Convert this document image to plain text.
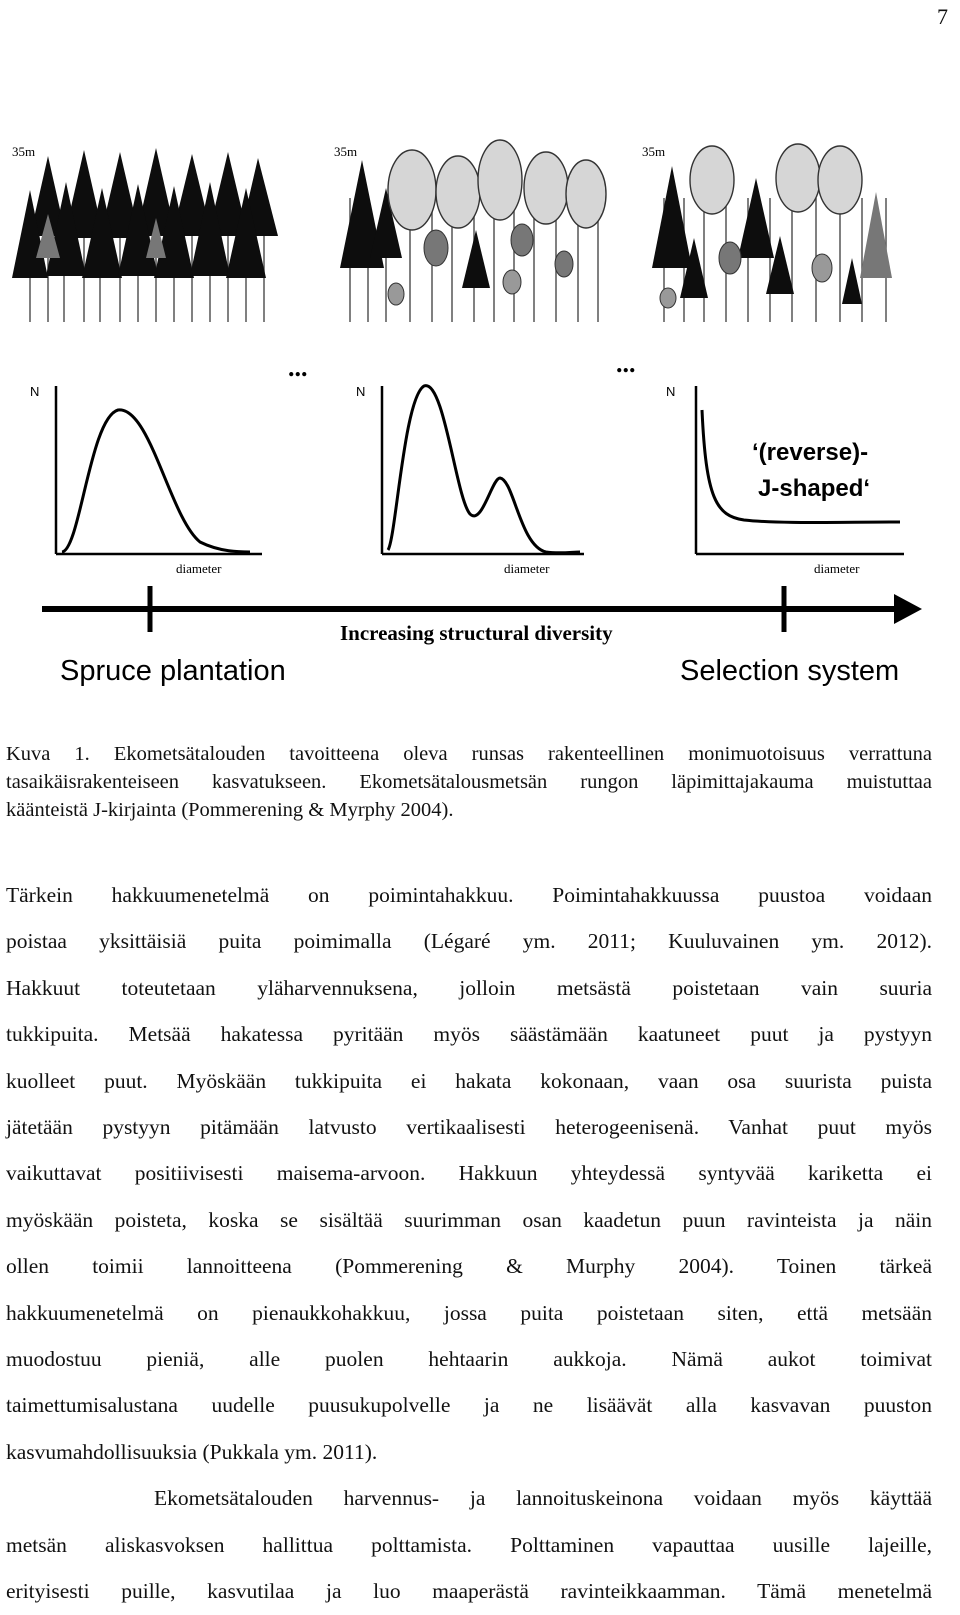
7
35m	35m	35m
...	...
N
diameter
N
diameter
N
diameter
‘(reverse)-
J-shaped‘
Increasing structural diversity
Spruce plantation	Selection system
Kuva 1. Ekometsätalouden tavoitteena oleva runsas rakenteellinen monimuotoisuus verrattuna
tasaikäisrakenteiseen kasvatukseen. Ekometsätalousmetsän rungon läpimittajakauma muistuttaa
käänteistä J-kirjainta (Pommerening & Myrphy 2004).

Tärkein hakkuumenetelmä on poimintahakkuu. Poimintahakkuussa puustoa voidaan
poistaa yksittäisiä puita poimimalla (Légaré ym. 2011; Kuuluvainen ym. 2012).
Hakkuut toteutetaan yläharvennuksena, jolloin metsästä poistetaan vain suuria
tukkipuita. Metsää hakatessa pyritään myös säästämään kaatuneet puut ja pystyyn
kuolleet puut. Myöskään tukkipuita ei hakata kokonaan, vaan osa suurista puista
jätetään pystyyn pitämään latvusto vertikaalisesti heterogeenisenä. Vanhat puut myös
vaikuttavat positiivisesti maisema-arvoon. Hakkuun yhteydessä syntyvää kariketta ei
myöskään poisteta, koska se sisältää suurimman osan kaadetun puun ravinteista ja näin
ollen toimii lannoitteena (Pommerening & Murphy 2004). Toinen tärkeä
hakkuumenetelmä on pienaukkohakkuu, jossa puita poistetaan siten, että metsään
muodostuu pieniä, alle puolen hehtaarin aukkoja. Nämä aukot toimivat
taimettumisalustana uudelle puusukupolvelle ja ne lisäävät alla kasvavan puuston
kasvumahdollisuuksia (Pukkala ym. 2011).

Ekometsätalouden harvennus- ja lannoituskeinona voidaan myös käyttää
metsän aliskasvoksen hallittua polttamista. Polttaminen vapauttaa uusille lajeille,
erityisesti puille, kasvutilaa ja luo maaperästä ravinteikkaamman. Tämä menetelmä
